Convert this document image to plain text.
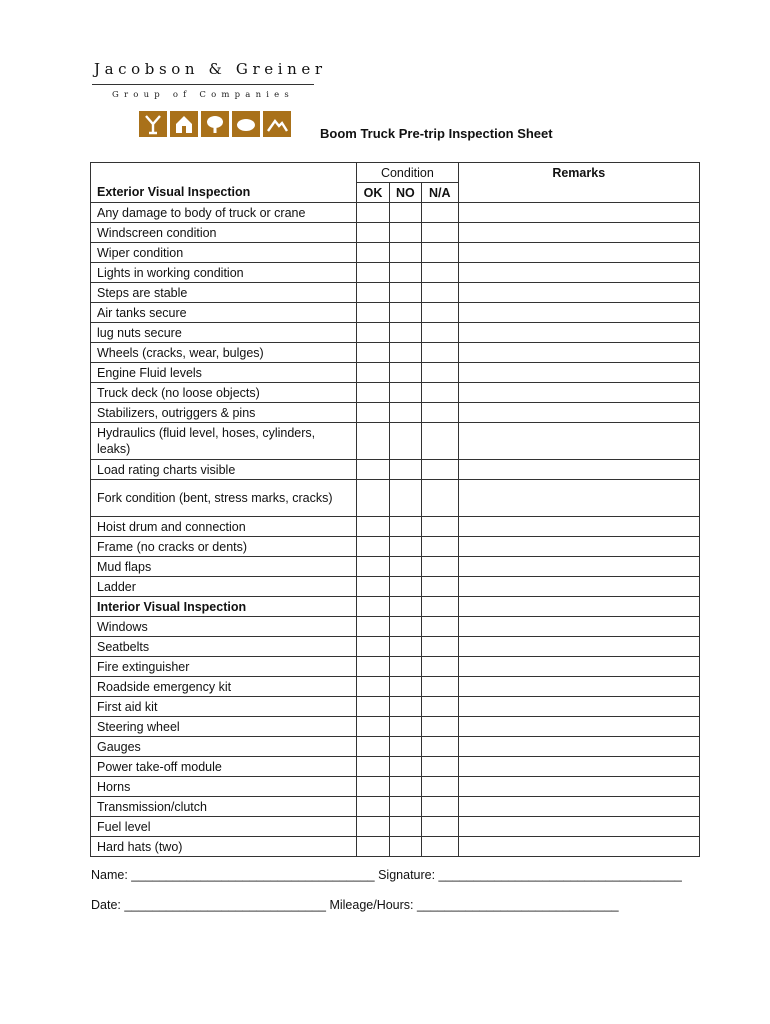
Jacobson & Greiner
Group of Companies
Boom Truck Pre-trip Inspection Sheet
	Condition			Remarks
Exterior Visual Inspection	OK	NO	N/A	
Any damage to body of truck or crane				
Windscreen condition				
Wiper condition				
Lights in working condition				
Steps are stable				
Air tanks secure				
lug nuts secure				
Wheels (cracks, wear, bulges)				
Engine Fluid levels				
Truck deck (no loose objects)				
Stabilizers, outriggers & pins				
Hydraulics (fluid level, hoses, cylinders, leaks)				
Load rating charts visible				
Fork condition (bent, stress marks, cracks)				
Hoist drum and connection				
Frame (no cracks or dents)				
Mud flaps				
Ladder				
Interior Visual Inspection				
Windows				
Seatbelts				
Fire extinguisher				
Roadside emergency kit				
First aid kit				
Steering wheel				
Gauges				
Power take-off module				
Horns				
Transmission/clutch				
Fuel level				
Hard hats (two)				
Name: ___________________________________ Signature: ___________________________________
Date: _____________________________ Mileage/Hours: _____________________________
